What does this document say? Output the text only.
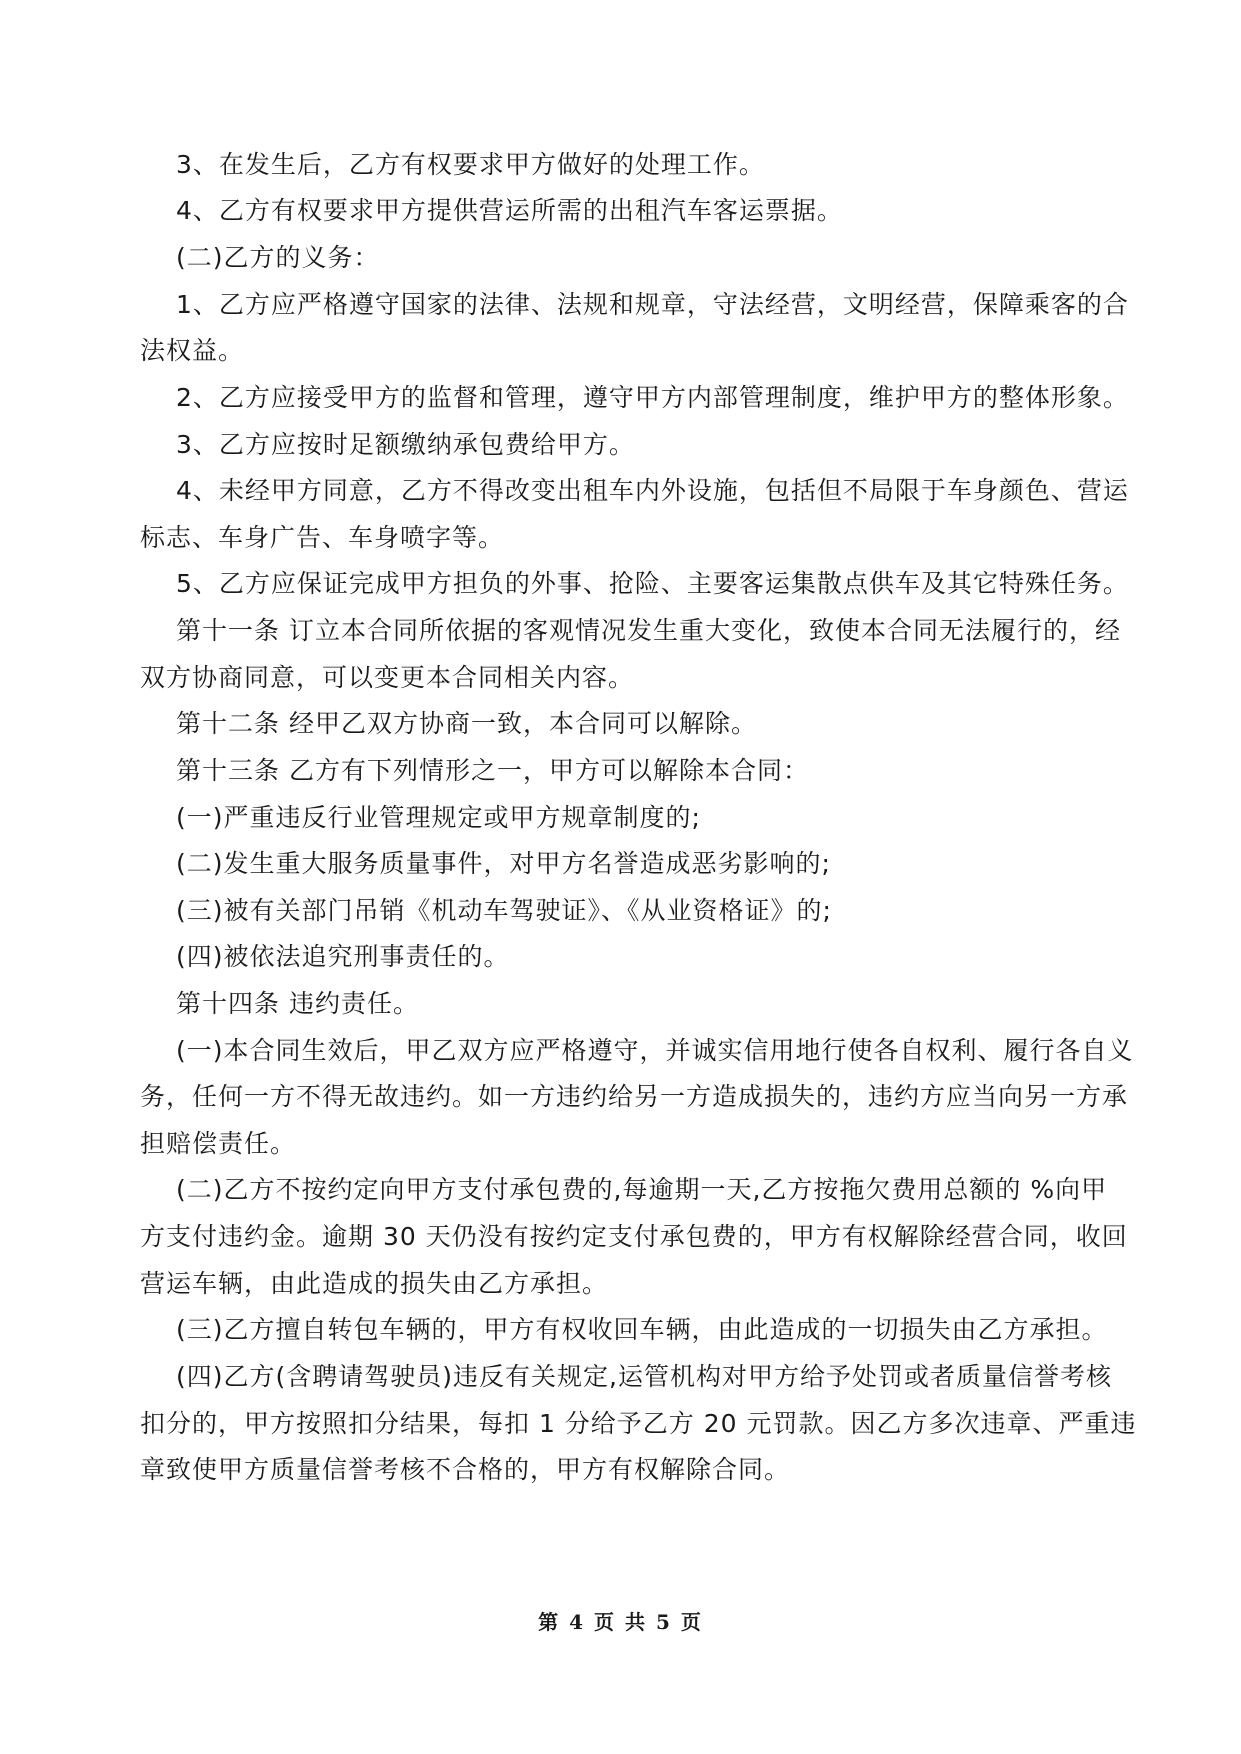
3、在发生后，乙方有权要求甲方做好的处理工作。
4、乙方有权要求甲方提供营运所需的出租汽车客运票据。
(二)乙方的义务：
1、乙方应严格遵守国家的法律、法规和规章，守法经营，文明经营，保障乘客的合
法权益。
2、乙方应接受甲方的监督和管理，遵守甲方内部管理制度，维护甲方的整体形象。
3、乙方应按时足额缴纳承包费给甲方。
4、未经甲方同意，乙方不得改变出租车内外设施，包括但不局限于车身颜色、营运
标志、车身广告、车身喷字等。
5、乙方应保证完成甲方担负的外事、抢险、主要客运集散点供车及其它特殊任务。
第十一条 订立本合同所依据的客观情况发生重大变化，致使本合同无法履行的，经
双方协商同意，可以变更本合同相关内容。
第十二条 经甲乙双方协商一致，本合同可以解除。
第十三条 乙方有下列情形之一，甲方可以解除本合同：
(一)严重违反行业管理规定或甲方规章制度的;
(二)发生重大服务质量事件，对甲方名誉造成恶劣影响的;
(三)被有关部门吊销《机动车驾驶证》、《从业资格证》的;
(四)被依法追究刑事责任的。
第十四条 违约责任。
(一)本合同生效后，甲乙双方应严格遵守，并诚实信用地行使各自权利、履行各自义
务，任何一方不得无故违约。如一方违约给另一方造成损失的，违约方应当向另一方承
担赔偿责任。
(二)乙方不按约定向甲方支付承包费的,每逾期一天,乙方按拖欠费用总额的 %向甲
方支付违约金。逾期 30 天仍没有按约定支付承包费的，甲方有权解除经营合同，收回
营运车辆，由此造成的损失由乙方承担。
(三)乙方擅自转包车辆的，甲方有权收回车辆，由此造成的一切损失由乙方承担。
(四)乙方(含聘请驾驶员)违反有关规定,运管机构对甲方给予处罚或者质量信誉考核
扣分的，甲方按照扣分结果，每扣 1 分给予乙方 20 元罚款。因乙方多次违章、严重违
章致使甲方质量信誉考核不合格的，甲方有权解除合同。
第 4 页 共 5 页
